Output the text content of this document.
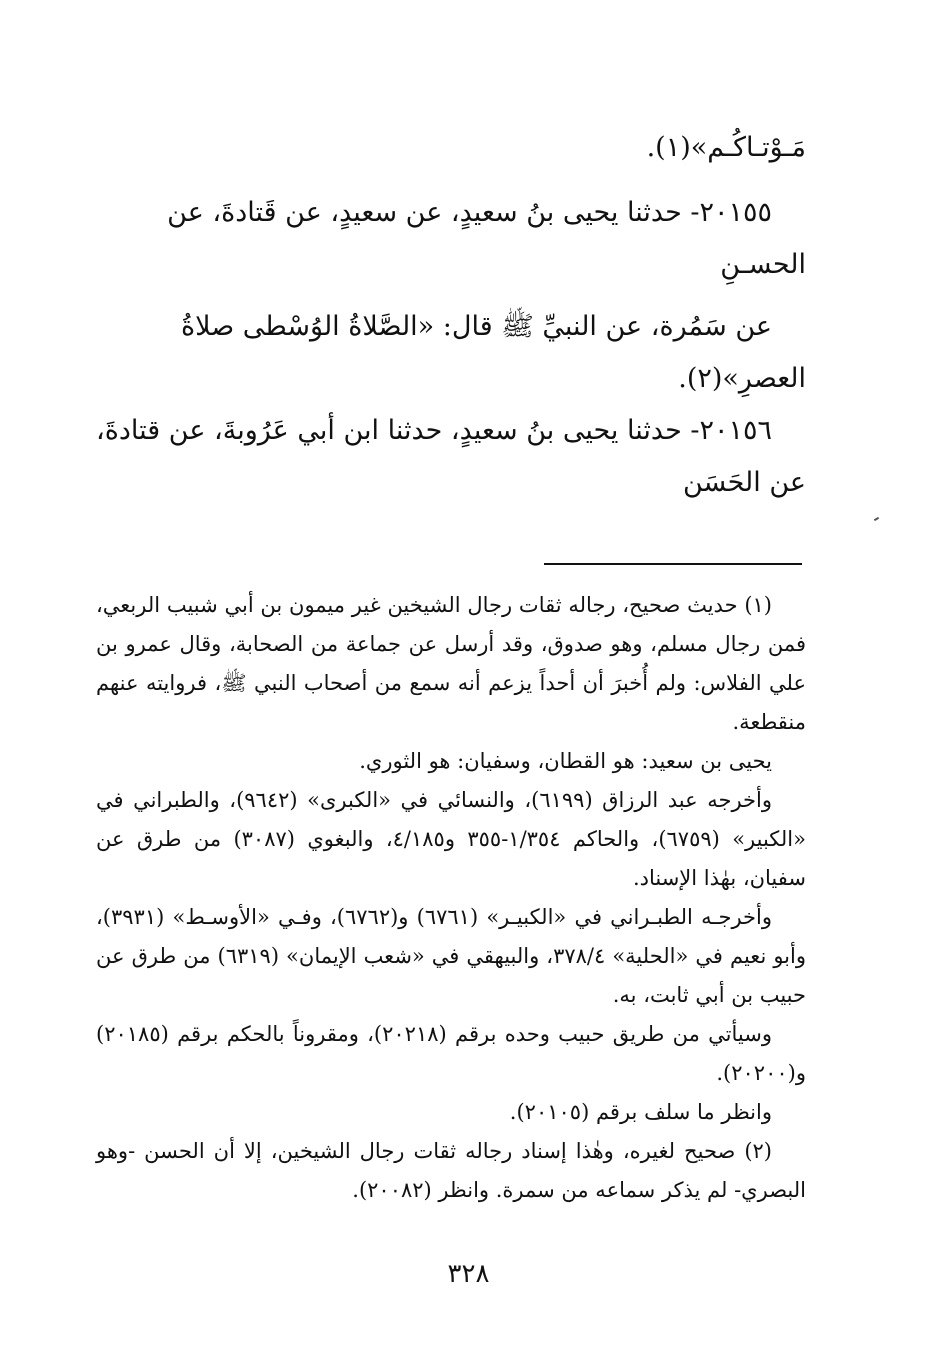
مَـوْتـاكُـم»(١).

٢٠١٥٥- حدثنا يحيى بنُ سعيدٍ، عن سعيدٍ، عن قَتادةَ، عن

الحسـنِ

عن سَمُرة، عن النبيِّ ﷺ قال: «الصَّلاةُ الوُسْطى صلاةُ

العصرِ»(٢).

٢٠١٥٦- حدثنا يحيى بنُ سعيدٍ، حدثنا ابن أبي عَرُوبةَ، عن قتادةَ،

عن الحَسَن

(١) حديث صحيح، رجاله ثقات رجال الشيخين غير ميمون بن أبي شبيب الربعي، فمن رجال مسلم، وهو صدوق، وقد أرسل عن جماعة من الصحابة، وقال عمرو بن علي الفلاس: ولم أُخبرَ أن أحداً يزعم أنه سمع من أصحاب النبي ﷺ، فروايته عنهم منقطعة.

يحيى بن سعيد: هو القطان، وسفيان: هو الثوري.

وأخرجه عبد الرزاق (٦١٩٩)، والنسائي في «الكبرى» (٩٦٤٢)، والطبراني في «الكبير» (٦٧٥٩)، والحاكم ١/٣٥٤-٣٥٥ و٤/١٨٥، والبغوي (٣٠٨٧) من طرق عن سفيان، بهٰذا الإسناد.

وأخرجـه الطبـراني في «الكبيـر» (٦٧٦١) و(٦٧٦٢)، وفـي «الأوسـط» (٣٩٣١)، وأبو نعيم في «الحلية» ٣٧٨/٤، والبيهقي في «شعب الإيمان» (٦٣١٩) من طرق عن حبيب بن أبي ثابت، به.

وسيأتي من طريق حبيب وحده برقم (٢٠٢١٨)، ومقروناً بالحكم برقم (٢٠١٨٥) و(٢٠٢٠٠).

وانظر ما سلف برقم (٢٠١٠٥).

(٢) صحيح لغيره، وهٰذا إسناد رجاله ثقات رجال الشيخين، إلا أن الحسن -وهو البصري- لم يذكر سماعه من سمرة. وانظر (٢٠٠٨٢).

٣٢٨
